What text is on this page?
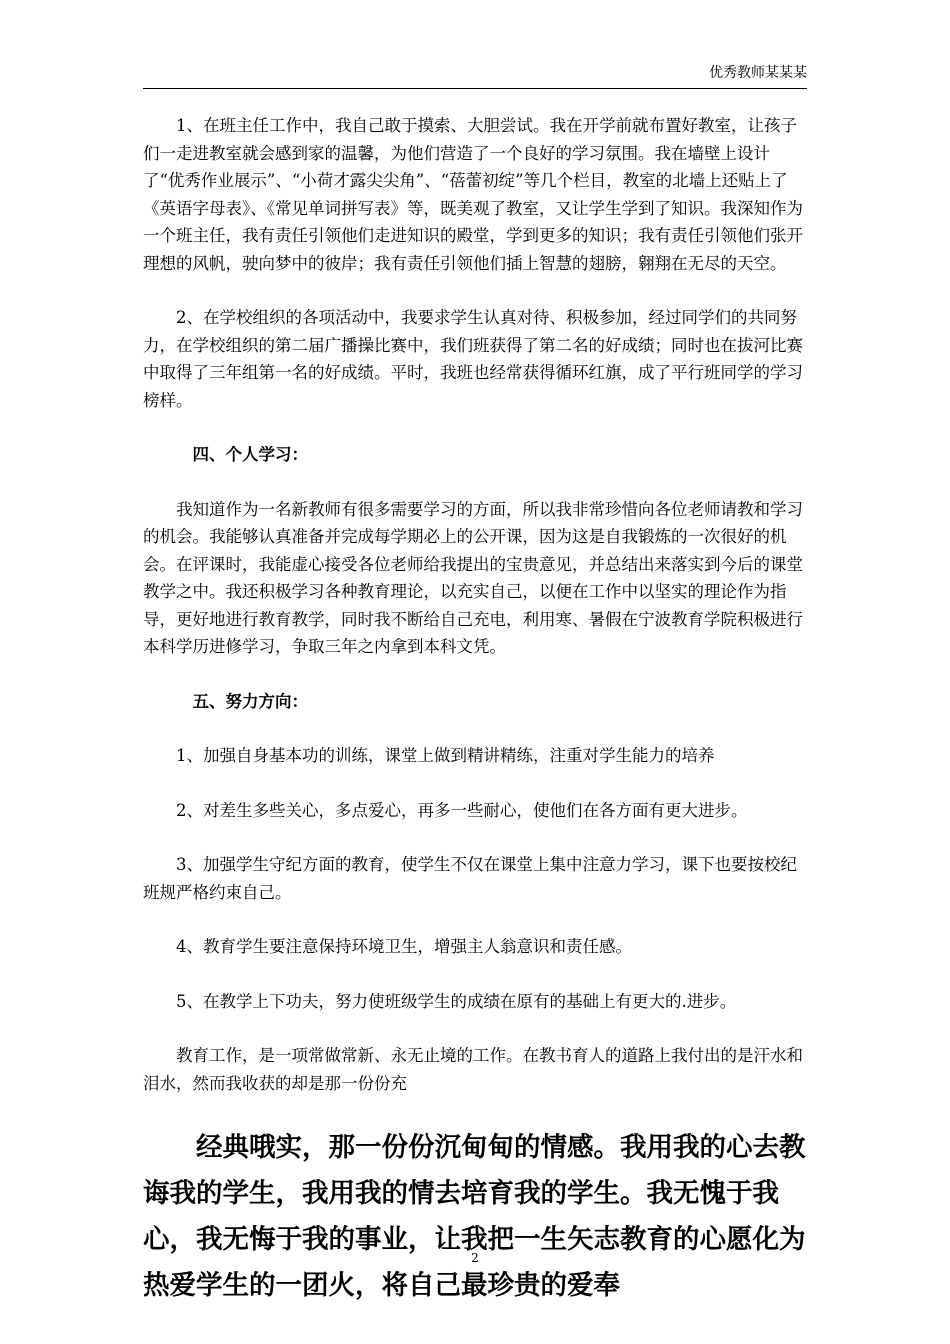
优秀教师某某某

1、在班主任工作中，我自己敢于摸索、大胆尝试。我在开学前就布置好教室，让孩子们一走进教室就会感到家的温馨，为他们营造了一个良好的学习氛围。我在墙壁上设计了“优秀作业展示”、“小荷才露尖尖角”、“蓓蕾初绽”等几个栏目，教室的北墙上还贴上了《英语字母表》、《常见单词拼写表》等，既美观了教室，又让学生学到了知识。我深知作为一个班主任，我有责任引领他们走进知识的殿堂，学到更多的知识；我有责任引领他们张开理想的风帆，驶向梦中的彼岸；我有责任引领他们插上智慧的翅膀，翱翔在无尽的天空。

2、在学校组织的各项活动中，我要求学生认真对待、积极参加，经过同学们的共同努力，在学校组织的第二届广播操比赛中，我们班获得了第二名的好成绩；同时也在拔河比赛中取得了三年组第一名的好成绩。平时，我班也经常获得循环红旗，成了平行班同学的学习榜样。

四、个人学习：

我知道作为一名新教师有很多需要学习的方面，所以我非常珍惜向各位老师请教和学习的机会。我能够认真准备并完成每学期必上的公开课，因为这是自我锻炼的一次很好的机会。在评课时，我能虚心接受各位老师给我提出的宝贵意见，并总结出来落实到今后的课堂教学之中。我还积极学习各种教育理论，以充实自己，以便在工作中以坚实的理论作为指导，更好地进行教育教学，同时我不断给自己充电，利用寒、暑假在宁波教育学院积极进行本科学历进修学习，争取三年之内拿到本科文凭。

五、努力方向：

1、加强自身基本功的训练，课堂上做到精讲精练，注重对学生能力的培养

2、对差生多些关心，多点爱心，再多一些耐心，使他们在各方面有更大进步。

3、加强学生守纪方面的教育，使学生不仅在课堂上集中注意力学习，课下也要按校纪班规严格约束自己。

4、教育学生要注意保持环境卫生，增强主人翁意识和责任感。

5、在教学上下功夫，努力使班级学生的成绩在原有的基础上有更大的.进步。

教育工作，是一项常做常新、永无止境的工作。在教书育人的道路上我付出的是汗水和泪水，然而我收获的却是那一份份充

经典哦实，那一份份沉甸甸的情感。我用我的心去教诲我的学生，我用我的情去培育我的学生。我无愧于我心，我无悔于我的事业，让我把一生矢志教育的心愿化为热爱学生的一团火，将自己最珍贵的爱奉

2
